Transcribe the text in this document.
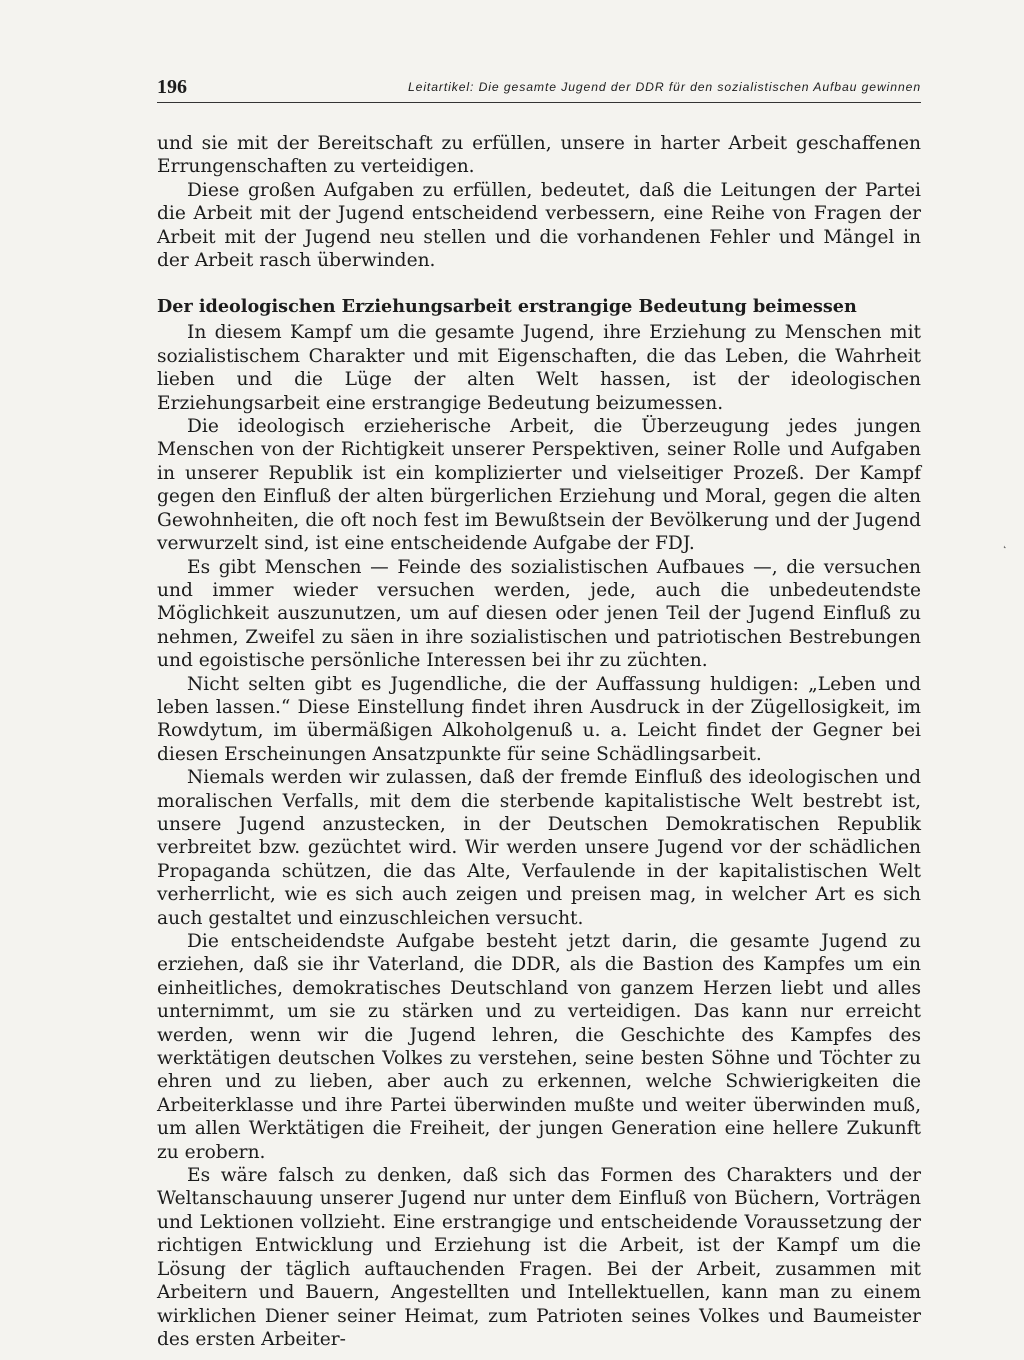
196	Leitartikel: Die gesamte Jugend der DDR für den sozialistischen Aufbau gewinnen

und sie mit der Bereitschaft zu erfüllen, unsere in harter Arbeit geschaffenen Errungenschaften zu verteidigen.

Diese großen Aufgaben zu erfüllen, bedeutet, daß die Leitungen der Partei die Arbeit mit der Jugend entscheidend verbessern, eine Reihe von Fragen der Arbeit mit der Jugend neu stellen und die vorhandenen Fehler und Mängel in der Arbeit rasch überwinden.

Der ideologischen Erziehungsarbeit erstrangige Bedeutung beimessen

In diesem Kampf um die gesamte Jugend, ihre Erziehung zu Menschen mit sozialistischem Charakter und mit Eigenschaften, die das Leben, die Wahrheit lieben und die Lüge der alten Welt hassen, ist der ideologischen Erziehungsarbeit eine erstrangige Bedeutung beizumessen.

Die ideologisch erzieherische Arbeit, die Überzeugung jedes jungen Menschen von der Richtigkeit unserer Perspektiven, seiner Rolle und Aufgaben in unserer Republik ist ein komplizierter und vielseitiger Prozeß. Der Kampf gegen den Einfluß der alten bürgerlichen Erziehung und Moral, gegen die alten Gewohnheiten, die oft noch fest im Bewußtsein der Bevölkerung und der Jugend verwurzelt sind, ist eine entscheidende Aufgabe der FDJ.

Es gibt Menschen — Feinde des sozialistischen Aufbaues —, die versuchen und immer wieder versuchen werden, jede, auch die unbedeutendste Möglichkeit auszunutzen, um auf diesen oder jenen Teil der Jugend Einfluß zu nehmen, Zweifel zu säen in ihre sozialistischen und patriotischen Bestrebungen und egoistische persönliche Interessen bei ihr zu züchten.

Nicht selten gibt es Jugendliche, die der Auffassung huldigen: „Leben und leben lassen.“ Diese Einstellung findet ihren Ausdruck in der Zügellosigkeit, im Rowdytum, im übermäßigen Alkoholgenuß u. a. Leicht findet der Gegner bei diesen Erscheinungen Ansatzpunkte für seine Schädlingsarbeit.

Niemals werden wir zulassen, daß der fremde Einfluß des ideologischen und moralischen Verfalls, mit dem die sterbende kapitalistische Welt bestrebt ist, unsere Jugend anzustecken, in der Deutschen Demokratischen Republik verbreitet bzw. gezüchtet wird. Wir werden unsere Jugend vor der schädlichen Propaganda schützen, die das Alte, Verfaulende in der kapitalistischen Welt verherrlicht, wie es sich auch zeigen und preisen mag, in welcher Art es sich auch gestaltet und einzuschleichen versucht.

Die entscheidendste Aufgabe besteht jetzt darin, die gesamte Jugend zu erziehen, daß sie ihr Vaterland, die DDR, als die Bastion des Kampfes um ein einheitliches, demokratisches Deutschland von ganzem Herzen liebt und alles unternimmt, um sie zu stärken und zu verteidigen. Das kann nur erreicht werden, wenn wir die Jugend lehren, die Geschichte des Kampfes des werktätigen deutschen Volkes zu verstehen, seine besten Söhne und Töchter zu ehren und zu lieben, aber auch zu erkennen, welche Schwierigkeiten die Arbeiterklasse und ihre Partei überwinden mußte und weiter überwinden muß, um allen Werktätigen die Freiheit, der jungen Generation eine hellere Zukunft zu erobern.

Es wäre falsch zu denken, daß sich das Formen des Charakters und der Weltanschauung unserer Jugend nur unter dem Einfluß von Büchern, Vorträgen und Lektionen vollzieht. Eine erstrangige und entscheidende Voraussetzung der richtigen Entwicklung und Erziehung ist die Arbeit, ist der Kampf um die Lösung der täglich auftauchenden Fragen. Bei der Arbeit, zusammen mit Arbeitern und Bauern, Angestellten und Intellektuellen, kann man zu einem wirklichen Diener seiner Heimat, zum Patrioten seines Volkes und Baumeister des ersten Arbeiter-

˛
